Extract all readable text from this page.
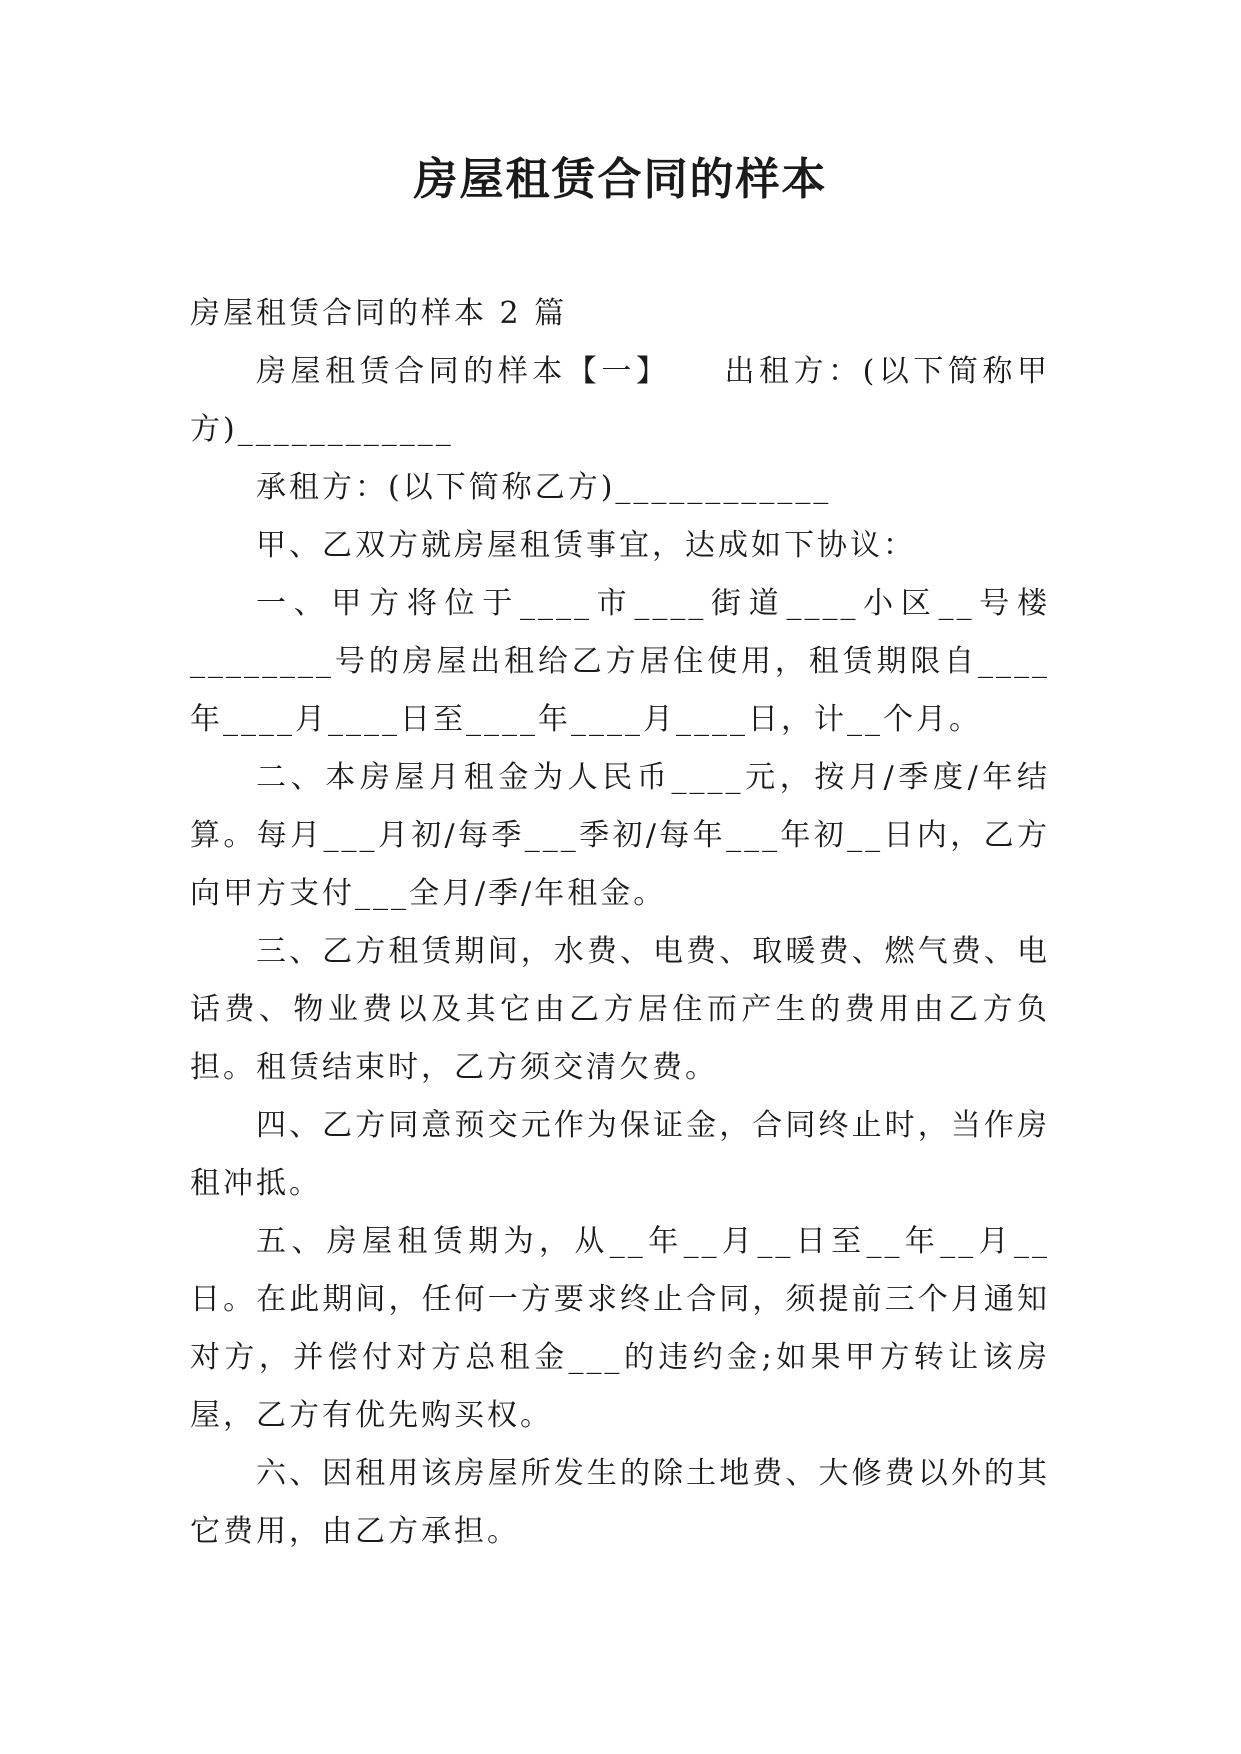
房屋租赁合同的样本

房屋租赁合同的样本 2 篇

房屋租赁合同的样本【一】　　出租方：(以下简称甲方)____________

承租方：(以下简称乙方)____________

甲、乙双方就房屋租赁事宜，达成如下协议：

一、甲方将位于____市____街道____小区__号楼________号的房屋出租给乙方居住使用，租赁期限自____年____月____日至____年____月____日，计__个月。

二、本房屋月租金为人民币____元，按月/季度/年结算。每月___月初/每季___季初/每年___年初__日内，乙方向甲方支付___全月/季/年租金。

三、乙方租赁期间，水费、电费、取暖费、燃气费、电话费、物业费以及其它由乙方居住而产生的费用由乙方负担。租赁结束时，乙方须交清欠费。

四、乙方同意预交元作为保证金，合同终止时，当作房租冲抵。

五、房屋租赁期为，从__年__月__日至__年__月__日。在此期间，任何一方要求终止合同，须提前三个月通知对方，并偿付对方总租金___的违约金;如果甲方转让该房屋，乙方有优先购买权。

六、因租用该房屋所发生的除土地费、大修费以外的其它费用，由乙方承担。
